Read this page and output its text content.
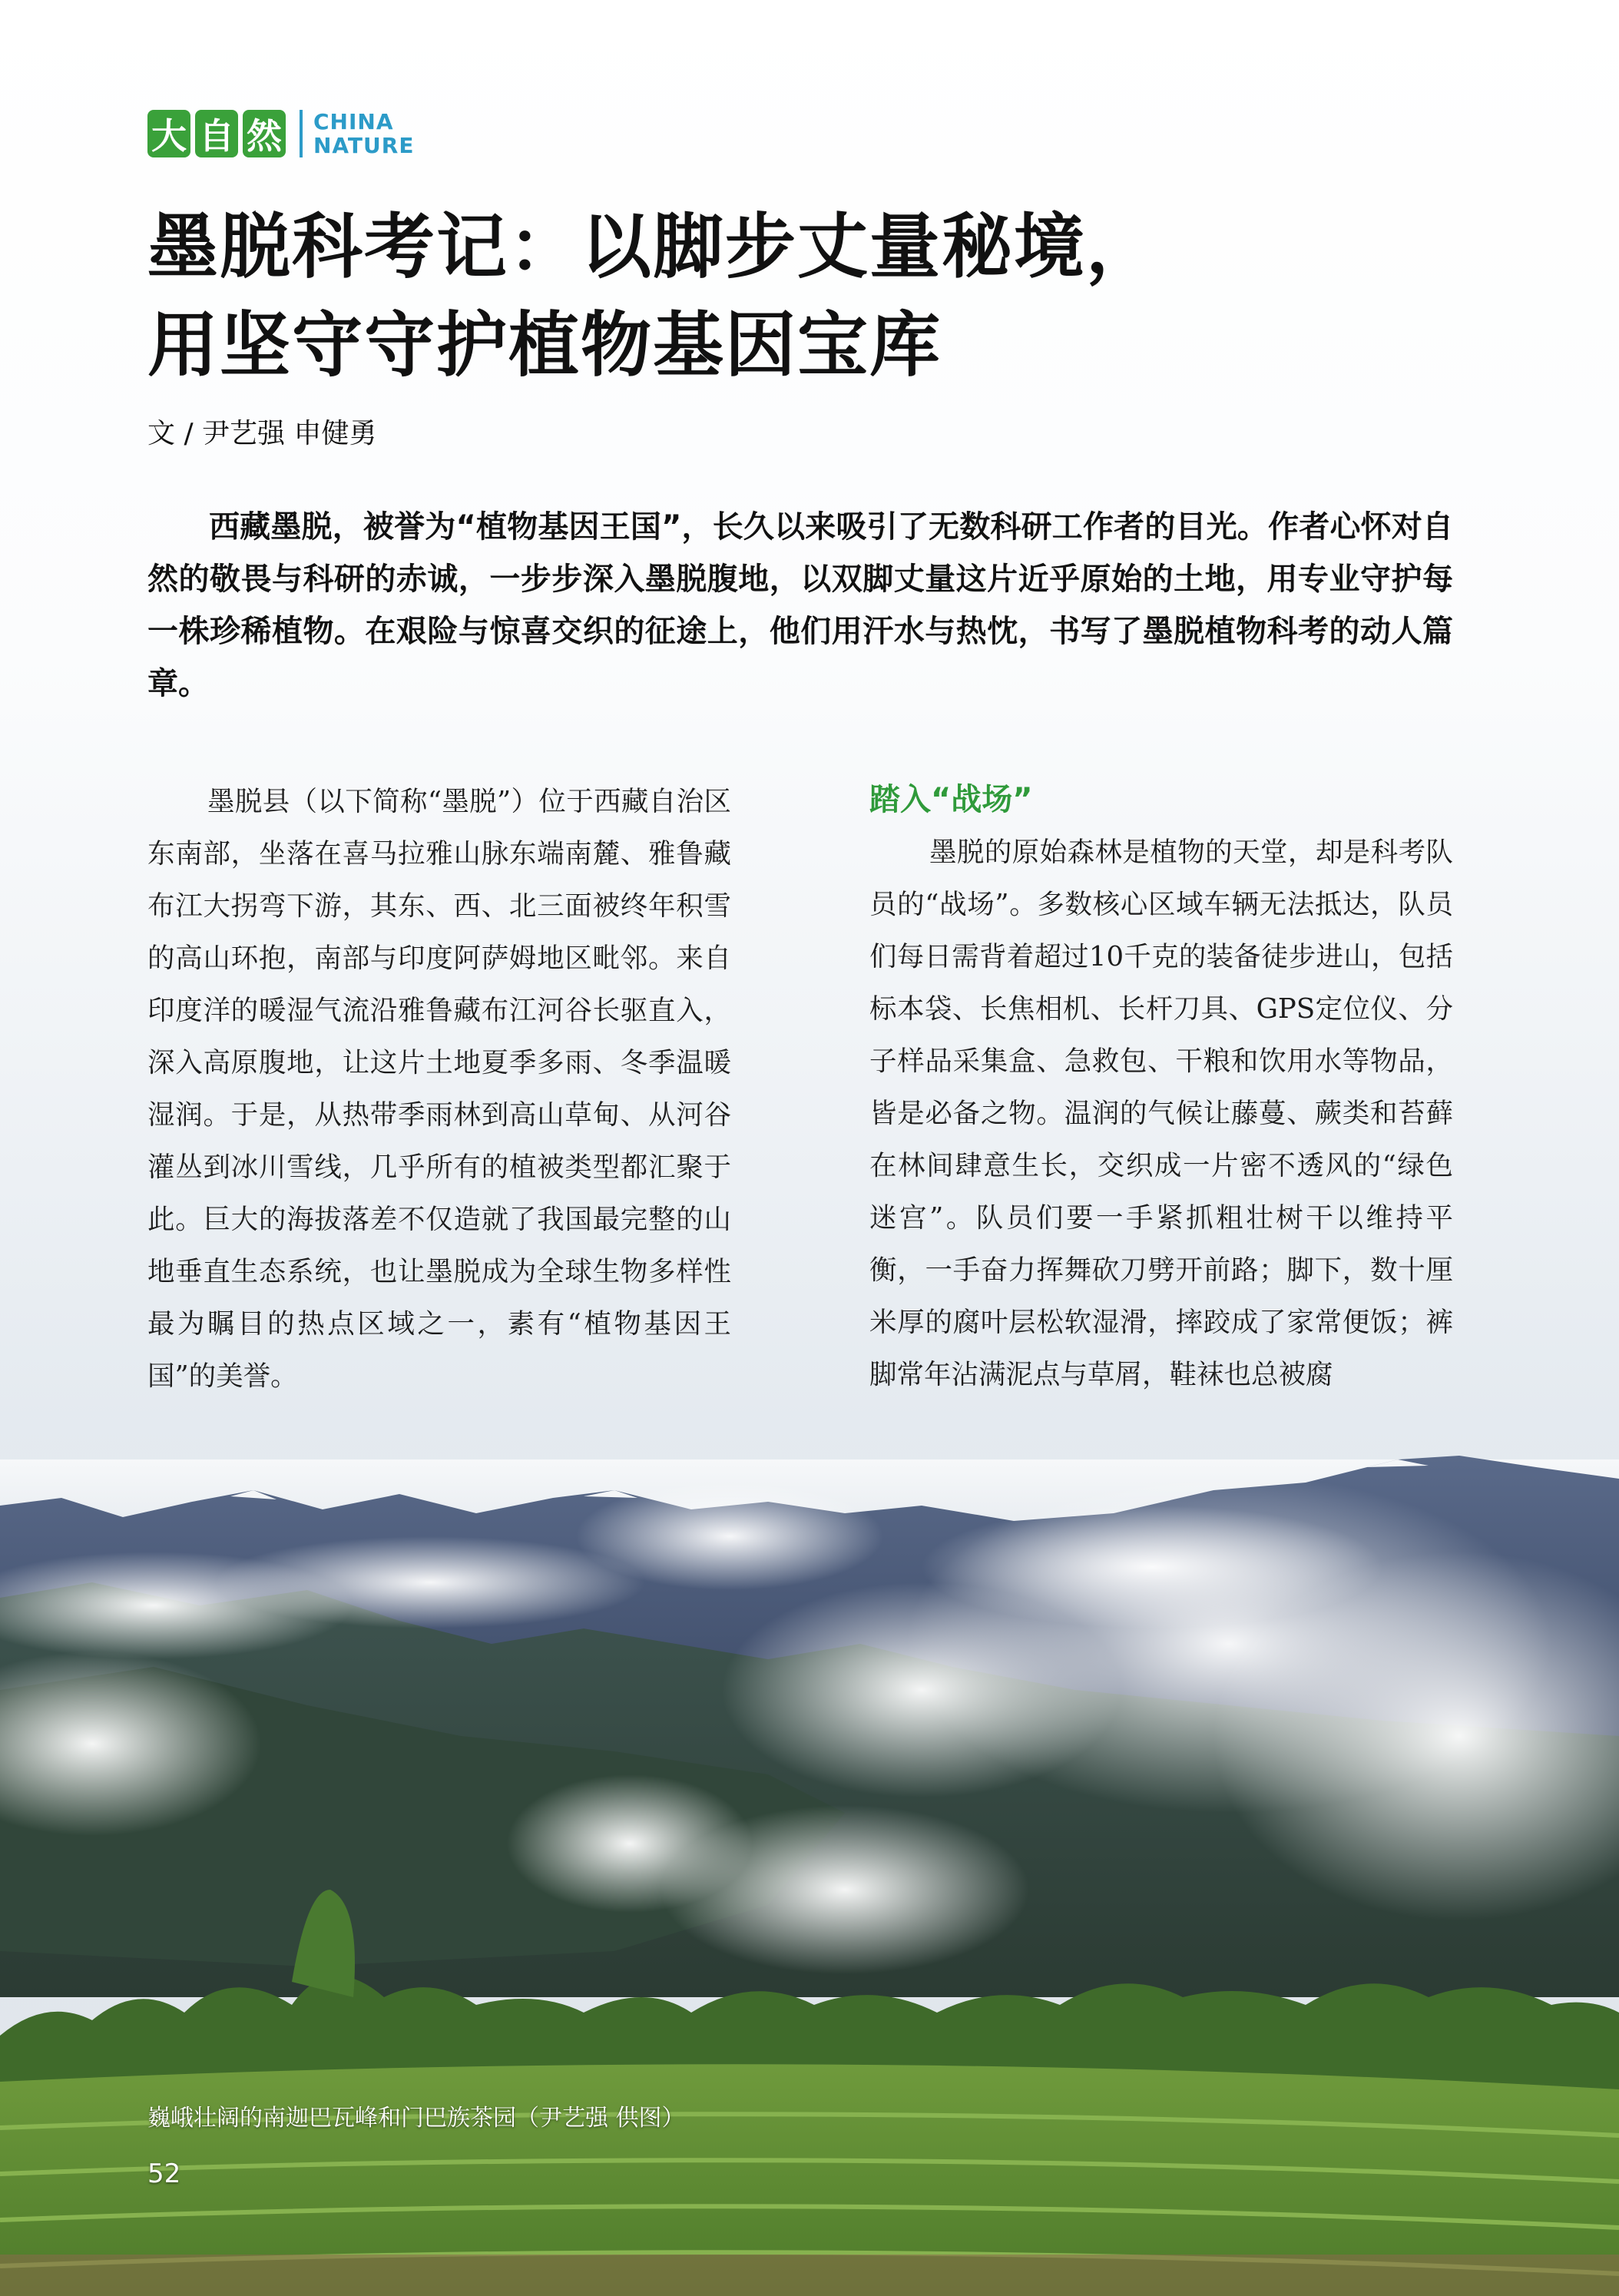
大 自 然 CHINA
NATURE
墨脱科考记：以脚步丈量秘境，
用坚守守护植物基因宝库
文 / 尹艺强 申健勇
西藏墨脱，被誉为“植物基因王国”，长久以来吸引了无数科研工作者的目光。作者心怀对自然的敬畏与科研的赤诚，一步步深入墨脱腹地，以双脚丈量这片近乎原始的土地，用专业守护每一株珍稀植物。在艰险与惊喜交织的征途上，他们用汗水与热忱，书写了墨脱植物科考的动人篇章。

墨脱县（以下简称“墨脱”）位于西藏自治区东南部，坐落在喜马拉雅山脉东端南麓、雅鲁藏布江大拐弯下游，其东、西、北三面被终年积雪的高山环抱，南部与印度阿萨姆地区毗邻。来自印度洋的暖湿气流沿雅鲁藏布江河谷长驱直入，深入高原腹地，让这片土地夏季多雨、冬季温暖湿润。于是，从热带季雨林到高山草甸、从河谷灌丛到冰川雪线，几乎所有的植被类型都汇聚于此。巨大的海拔落差不仅造就了我国最完整的山地垂直生态系统，也让墨脱成为全球生物多样性最为瞩目的热点区域之一，素有“植物基因王国”的美誉。

踏入“战场”

墨脱的原始森林是植物的天堂，却是科考队员的“战场”。多数核心区域车辆无法抵达，队员们每日需背着超过10千克的装备徒步进山，包括标本袋、长焦相机、长杆刀具、GPS定位仪、分子样品采集盒、急救包、干粮和饮用水等物品，皆是必备之物。温润的气候让藤蔓、蕨类和苔藓在林间肆意生长，交织成一片密不透风的“绿色迷宫”。队员们要一手紧抓粗壮树干以维持平衡，一手奋力挥舞砍刀劈开前路；脚下，数十厘米厚的腐叶层松软湿滑，摔跤成了家常便饭；裤脚常年沾满泥点与草屑，鞋袜也总被腐

巍峨壮阔的南迦巴瓦峰和门巴族茶园（尹艺强 供图）
52
